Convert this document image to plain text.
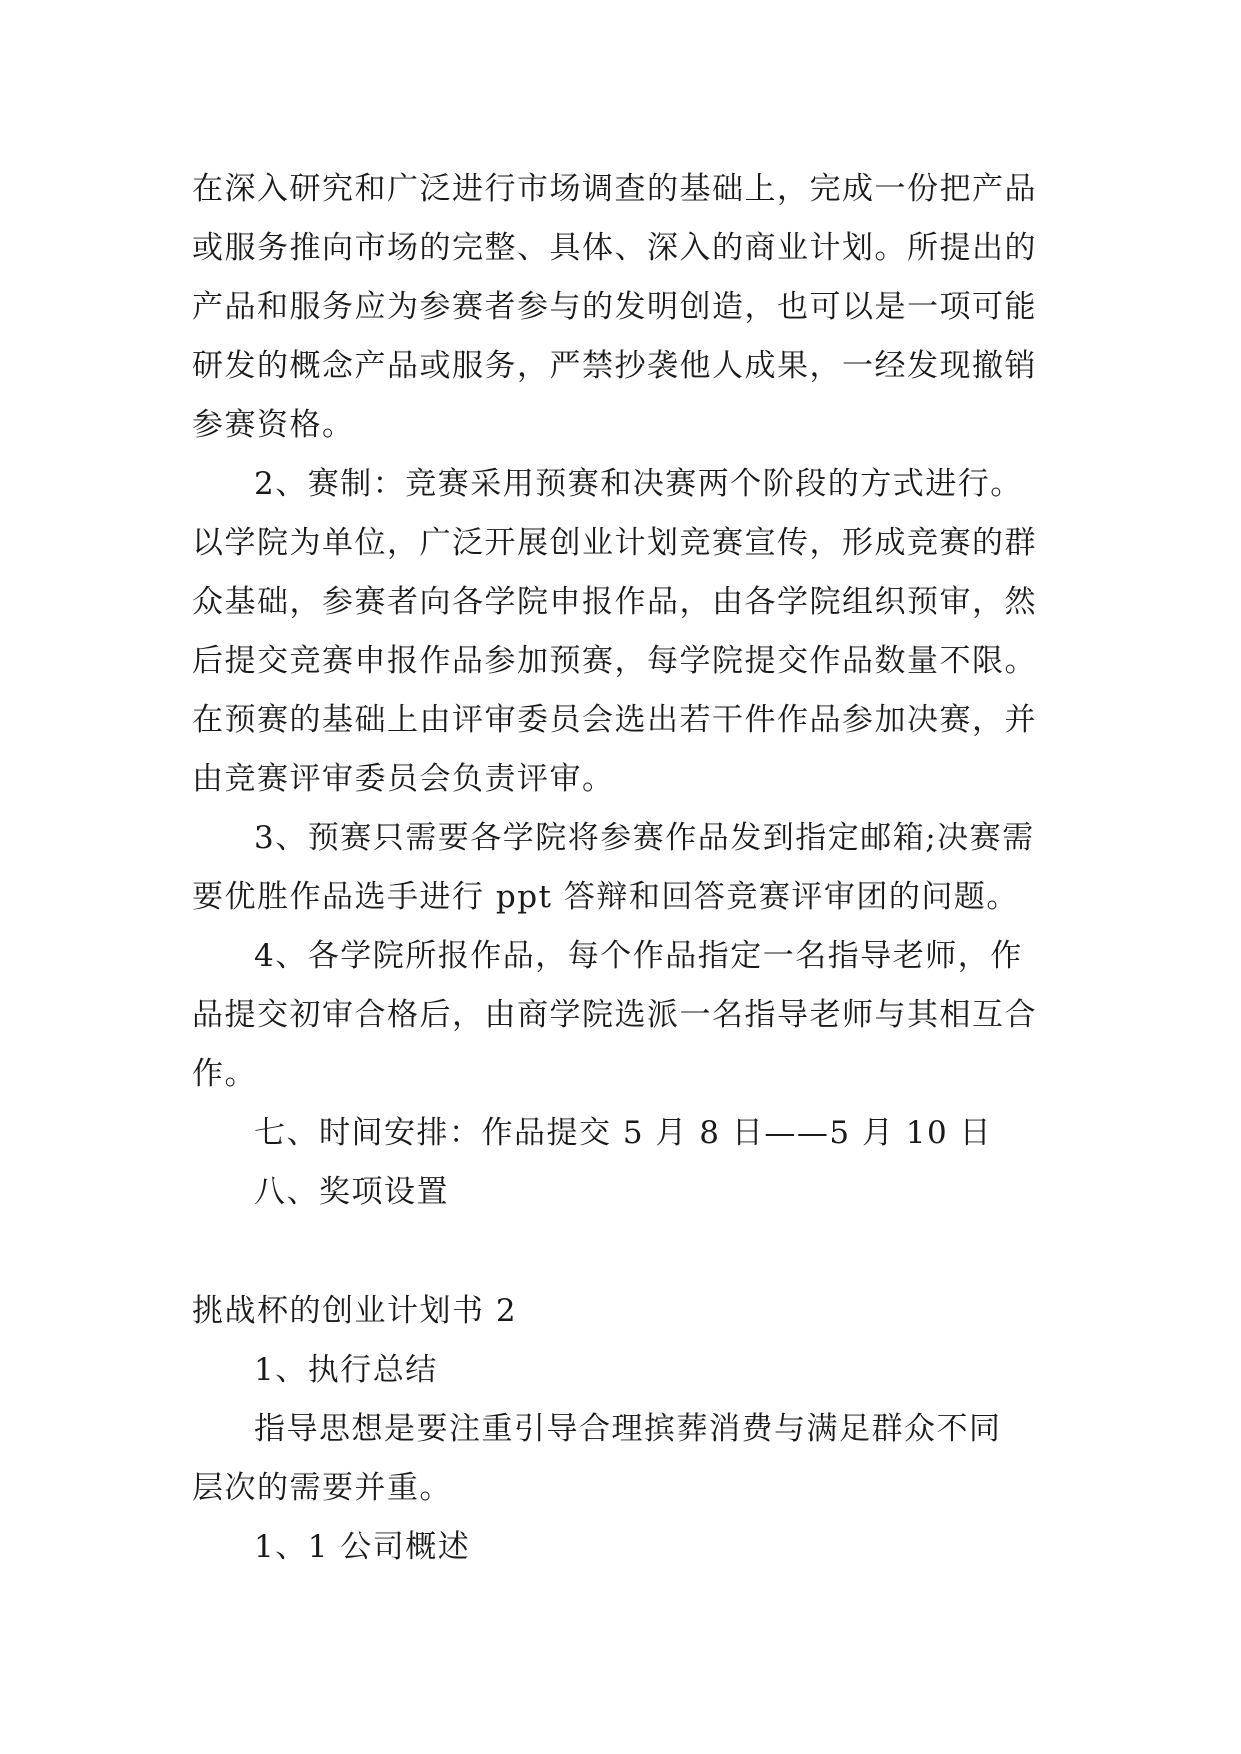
在深入研究和广泛进行市场调查的基础上，完成一份把产品
或服务推向市场的完整、具体、深入的商业计划。所提出的
产品和服务应为参赛者参与的发明创造，也可以是一项可能
研发的概念产品或服务，严禁抄袭他人成果，一经发现撤销
参赛资格。
2、赛制：竞赛采用预赛和决赛两个阶段的方式进行。
以学院为单位，广泛开展创业计划竞赛宣传，形成竞赛的群
众基础，参赛者向各学院申报作品，由各学院组织预审，然
后提交竞赛申报作品参加预赛，每学院提交作品数量不限。
在预赛的基础上由评审委员会选出若干件作品参加决赛，并
由竞赛评审委员会负责评审。
3、预赛只需要各学院将参赛作品发到指定邮箱;决赛需
要优胜作品选手进行 ppt 答辩和回答竞赛评审团的问题。
4、各学院所报作品，每个作品指定一名指导老师，作
品提交初审合格后，由商学院选派一名指导老师与其相互合
作。
七、时间安排：作品提交 5 月 8 日——5 月 10 日
八、奖项设置
挑战杯的创业计划书 2
1、执行总结
指导思想是要注重引导合理摈葬消费与满足群众不同
层次的需要并重。
1、1 公司概述
